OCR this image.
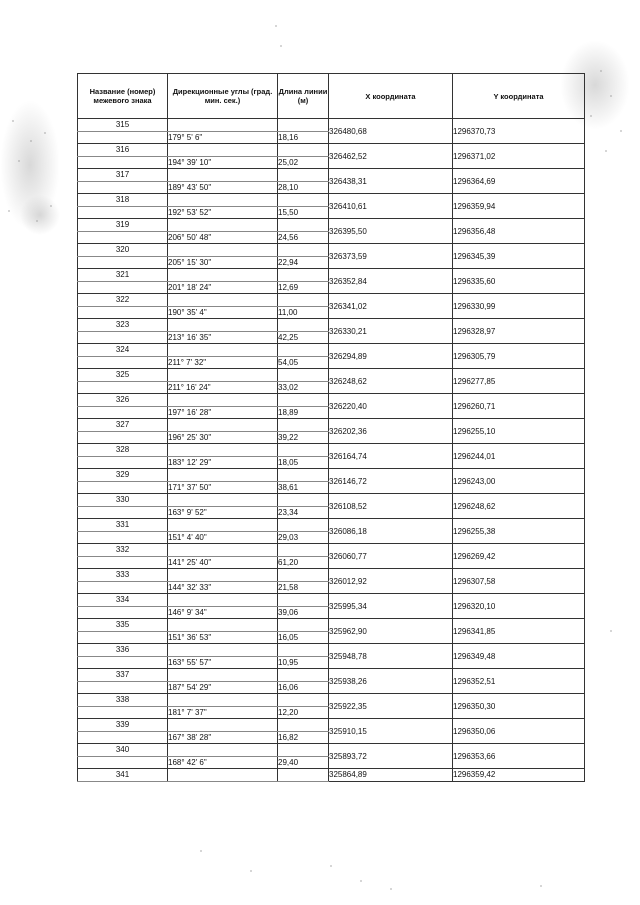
Название (номер) межевого знака	Дирекционные углы (град. мин. сек.)	Длина линии (м)	X координата	Y координата
315			326480,68	1296370,73
	179° 5' 6"	18,16		
316			326462,52	1296371,02
	194° 39' 10"	25,02		
317			326438,31	1296364,69
	189° 43' 50"	28,10		
318			326410,61	1296359,94
	192° 53' 52"	15,50		
319			326395,50	1296356,48
	206° 50' 48"	24,56		
320			326373,59	1296345,39
	205° 15' 30"	22,94		
321			326352,84	1296335,60
	201° 18' 24"	12,69		
322			326341,02	1296330,99
	190° 35' 4"	11,00		
323			326330,21	1296328,97
	213° 16' 35"	42,25		
324			326294,89	1296305,79
	211° 7' 32"	54,05		
325			326248,62	1296277,85
	211° 16' 24"	33,02		
326			326220,40	1296260,71
	197° 16' 28"	18,89		
327			326202,36	1296255,10
	196° 25' 30"	39,22		
328			326164,74	1296244,01
	183° 12' 29"	18,05		
329			326146,72	1296243,00
	171° 37' 50"	38,61		
330			326108,52	1296248,62
	163° 9' 52"	23,34		
331			326086,18	1296255,38
	151° 4' 40"	29,03		
332			326060,77	1296269,42
	141° 25' 40"	61,20		
333			326012,92	1296307,58
	144° 32' 33"	21,58		
334			325995,34	1296320,10
	146° 9' 34"	39,06		
335			325962,90	1296341,85
	151° 36' 53"	16,05		
336			325948,78	1296349,48
	163° 55' 57"	10,95		
337			325938,26	1296352,51
	187° 54' 29"	16,06		
338			325922,35	1296350,30
	181° 7' 37"	12,20		
339			325910,15	1296350,06
	167° 38' 28"	16,82		
340			325893,72	1296353,66
	168° 42' 6"	29,40		
341			325864,89	1296359,42
